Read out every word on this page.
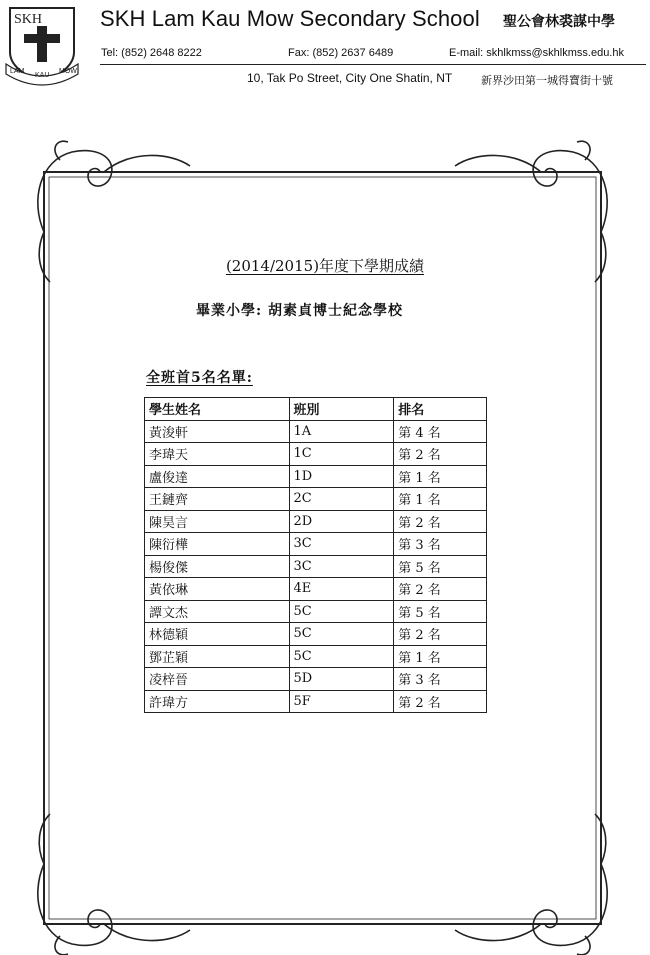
SKH
LAM
KAU
MOW
SKH Lam Kau Mow Secondary School 聖公會林裘謀中學
Tel: (852) 2648 8222	Fax: (852) 2637 6489	E-mail: skhlkmss@skhlkmss.edu.hk
10, Tak Po Street, City One Shatin, NT	新界沙田第一城得寶街十號
(2014/2015)年度下學期成績
畢業小學: 胡素貞博士紀念學校
全班首5名名單:
學生姓名	班別	排名
黃浚軒	1A	第 4 名
李瑋天	1C	第 2 名
盧俊達	1D	第 1 名
王鏈齊	2C	第 1 名
陳昊言	2D	第 2 名
陳衍樺	3C	第 3 名
楊俊傑	3C	第 5 名
黃依琳	4E	第 2 名
譚文杰	5C	第 5 名
林德穎	5C	第 2 名
鄧芷穎	5C	第 1 名
凌梓晉	5D	第 3 名
許瑋方	5F	第 2 名
